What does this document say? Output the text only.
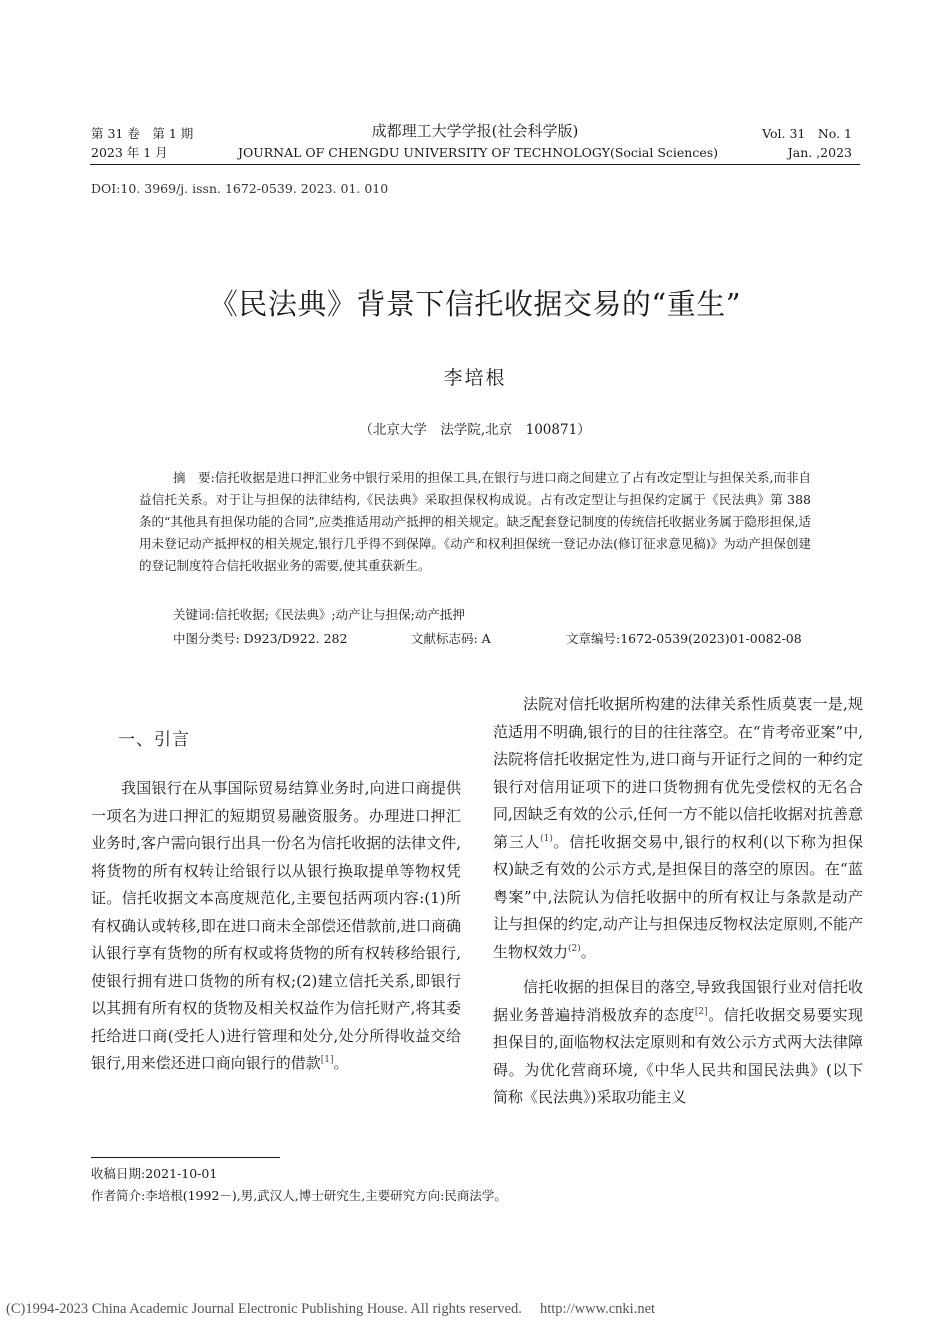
第 31 卷　第 1 期
2023 年 1 月
成都理工大学学报(社会科学版)
JOURNAL OF CHENGDU UNIVERSITY OF TECHNOLOGY(Social Sciences)
Vol. 31　No. 1
Jan. ,2023
DOI:10. 3969/j. issn. 1672-0539. 2023. 01. 010
《民法典》背景下信托收据交易的“重生”
李培根
（北京大学　法学院,北京　100871）
摘　要:信托收据是进口押汇业务中银行采用的担保工具,在银行与进口商之间建立了占有改定型让与担保关系,而非自益信托关系。对于让与担保的法律结构,《民法典》采取担保权构成说。占有改定型让与担保约定属于《民法典》第 388 条的“其他具有担保功能的合同”,应类推适用动产抵押的相关规定。缺乏配套登记制度的传统信托收据业务属于隐形担保,适用未登记动产抵押权的相关规定,银行几乎得不到保障。《动产和权利担保统一登记办法(修订征求意见稿)》为动产担保创建的登记制度符合信托收据业务的需要,使其重获新生。
关键词:信托收据;《民法典》;动产让与担保;动产抵押
中图分类号: D923/D922. 282	文献标志码: A	文章编号:1672-0539(2023)01-0082-08
一、引言

我国银行在从事国际贸易结算业务时,向进口商提供一项名为进口押汇的短期贸易融资服务。办理进口押汇业务时,客户需向银行出具一份名为信托收据的法律文件,将货物的所有权转让给银行以从银行换取提单等物权凭证。信托收据文本高度规范化,主要包括两项内容:(1)所有权确认或转移,即在进口商未全部偿还借款前,进口商确认银行享有货物的所有权或将货物的所有权转移给银行,使银行拥有进口货物的所有权;(2)建立信托关系,即银行以其拥有所有权的货物及相关权益作为信托财产,将其委托给进口商(受托人)进行管理和处分,处分所得收益交给银行,用来偿还进口商向银行的借款[1]。

法院对信托收据所构建的法律关系性质莫衷一是,规范适用不明确,银行的目的往往落空。在“肯考帝亚案”中,法院将信托收据定性为,进口商与开证行之间的一种约定银行对信用证项下的进口货物拥有优先受偿权的无名合同,因缺乏有效的公示,任何一方不能以信托收据对抗善意第三人$^{(1)}$。信托收据交易中,银行的权利(以下称为担保权)缺乏有效的公示方式,是担保目的落空的原因。在“蓝粤案”中,法院认为信托收据中的所有权让与条款是动产让与担保的约定,动产让与担保违反物权法定原则,不能产生物权效力$^{(2)}$。

信托收据的担保目的落空,导致我国银行业对信托收据业务普遍持消极放弃的态度[2]。信托收据交易要实现担保目的,面临物权法定原则和有效公示方式两大法律障碍。为优化营商环境,《中华人民共和国民法典》(以下简称《民法典》)采取功能主义

收稿日期:2021-10-01
作者简介:李培根(1992－),男,武汉人,博士研究生,主要研究方向:民商法学。
(C)1994-2023 China Academic Journal Electronic Publishing House. All rights reserved.　 http://www.cnki.net
